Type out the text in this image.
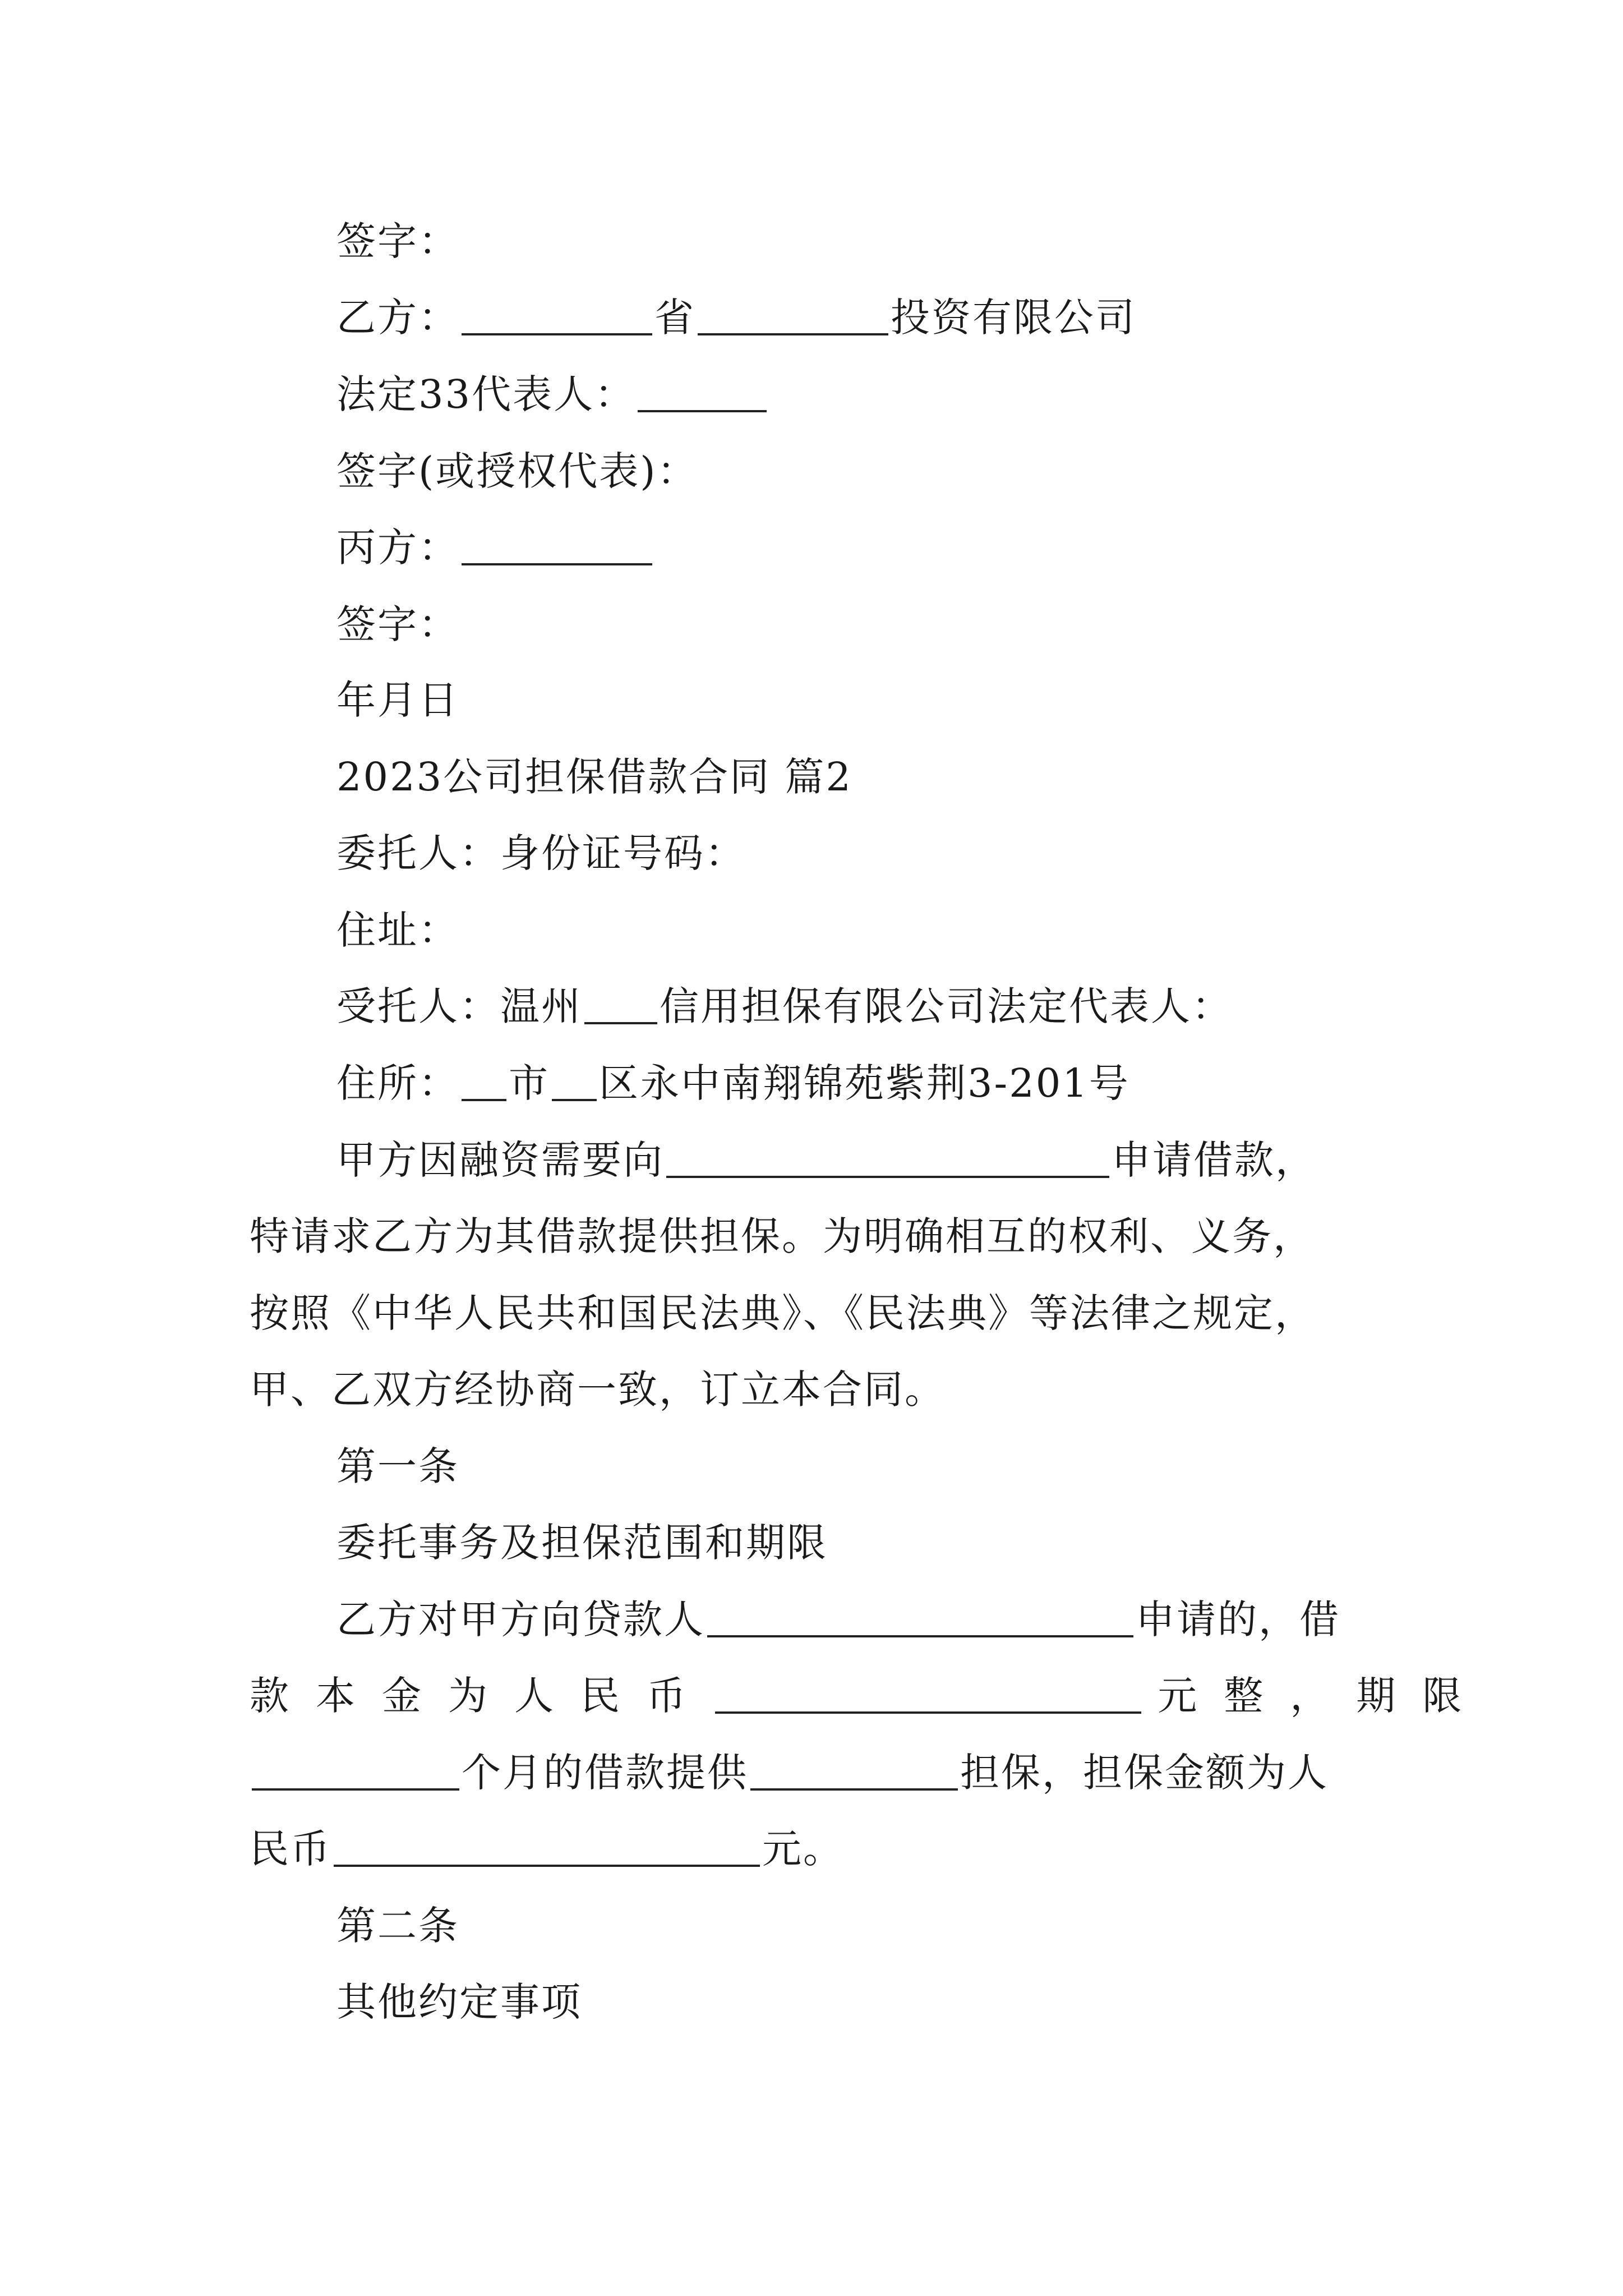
签字：
乙方：	省	投资有限公司
法定33代表人：
签字(或授权代表)：
丙方：
签字：
年月日
2023公司担保借款合同 篇2
委托人：身份证号码：
住址：
受托人：温州 信用担保有限公司法定代表人：
住所： 市 区永中南翔锦苑紫荆3-201号
甲方因融资需要向	申请借款，
特请求乙方为其借款提供担保。为明确相互的权利、义务，
按照《中华人民共和国民法典》、《民法典》等法律之规定，
甲、乙双方经协商一致，订立本合同。
第一条
委托事务及担保范围和期限
乙方对甲方向贷款人	申请的，借
款本金为人民币	元整，期限
个月的借款提供	担保，担保金额为人
民币	元。
第二条
其他约定事项
